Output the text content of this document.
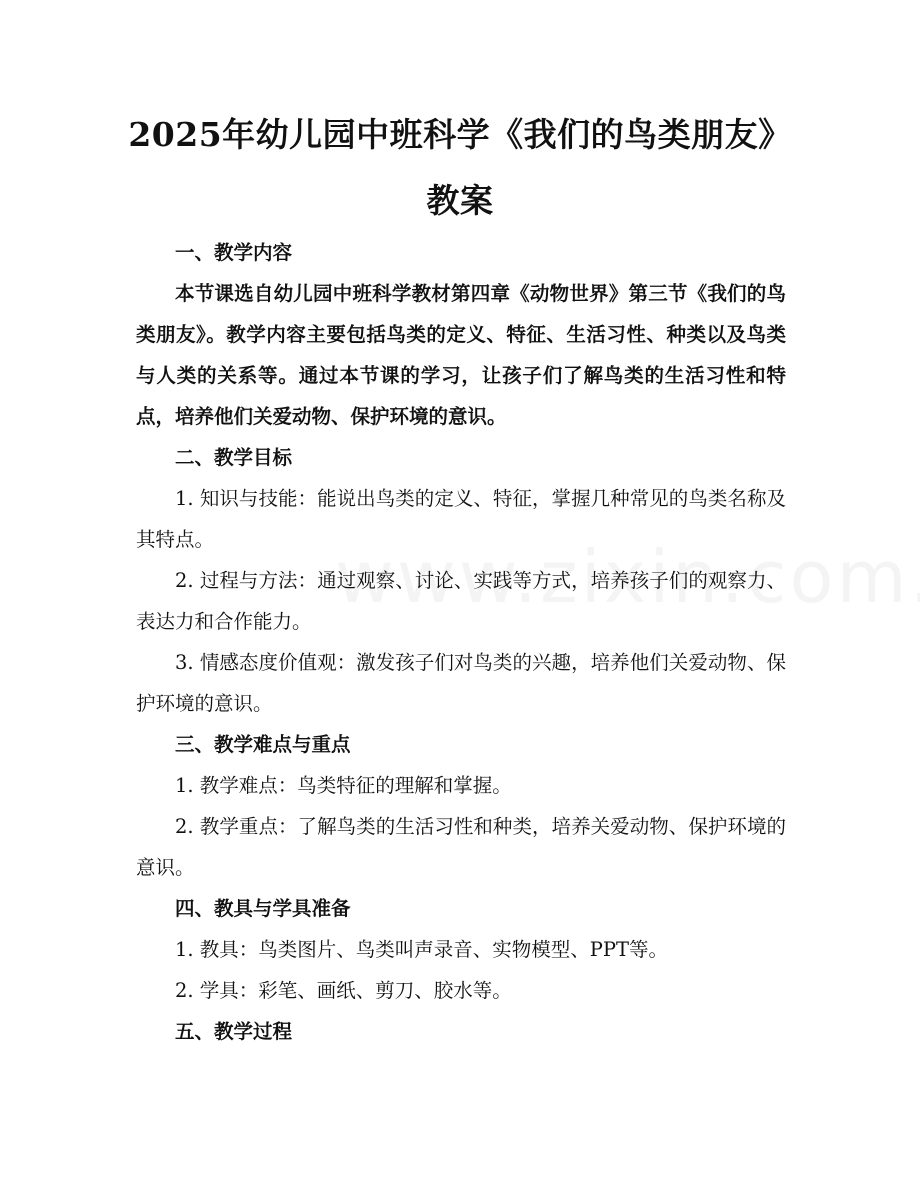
2025年幼儿园中班科学《我们的鸟类朋友》
教案

一、教学内容

本节课选自幼儿园中班科学教材第四章《动物世界》第三节《我们的鸟类朋友》。教学内容主要包括鸟类的定义、特征、生活习性、种类以及鸟类与人类的关系等。通过本节课的学习，让孩子们了解鸟类的生活习性和特点，培养他们关爱动物、保护环境的意识。

二、教学目标

1. 知识与技能：能说出鸟类的定义、特征，掌握几种常见的鸟类名称及其特点。

2. 过程与方法：通过观察、讨论、实践等方式，培养孩子们的观察力、表达力和合作能力。

3. 情感态度价值观：激发孩子们对鸟类的兴趣，培养他们关爱动物、保护环境的意识。

三、教学难点与重点

1. 教学难点：鸟类特征的理解和掌握。

2. 教学重点：了解鸟类的生活习性和种类，培养关爱动物、保护环境的意识。

四、教具与学具准备

1. 教具：鸟类图片、鸟类叫声录音、实物模型、PPT等。

2. 学具：彩笔、画纸、剪刀、胶水等。

五、教学过程
